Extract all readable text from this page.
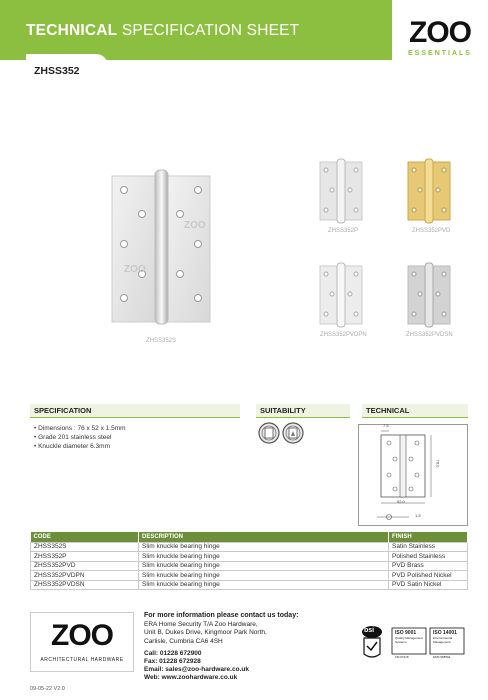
TECHNICAL SPECIFICATION SHEET
ZHSS352
ZOO
ESSENTIALS
ZOO
ZOO
ZHSS352S
ZHSS352P	ZHSS352PVD
ZHSS352PVDPN	ZHSS352PVDSN
SPECIFICATION	SUITABILITY	TECHNICAL
• Dimensions : 76 x 52 x 1.5mm
• Grade 201 stainless steel
• Knuckle diameter 6.3mm
7.5
76.0
52.0
1.5
CODE	DESCRIPTION	FINISH
ZHSS352S	Slim knuckle bearing hinge	Satin Stainless
ZHSS352P	Slim knuckle bearing hinge	Polished Stainless
ZHSS352PVD	Slim knuckle bearing hinge	PVD Brass
ZHSS352PVDPN	Slim knuckle bearing hinge	PVD Polished Nickel
ZHSS352PVDSN	Slim knuckle bearing hinge	PVD Satin Nickel
ZOO
ARCHITECTURAL HARDWARE
For more information please contact us today:
ERA Home Security T/A Zoo Hardware,
Unit B, Dukes Drive, Kingmoor Park North,
Carlisle, Cumbria CA6 4SH
Call: 01228 672900
Fax: 01228 672928
Email: sales@zoo-hardware.co.uk
Web: www.zoohardware.co.uk
bsi	ISO 9001
Quality Management Systems
FM 97418
ISO 14001
Environmental Management
EMS 568594
09-05-22 V2.0
